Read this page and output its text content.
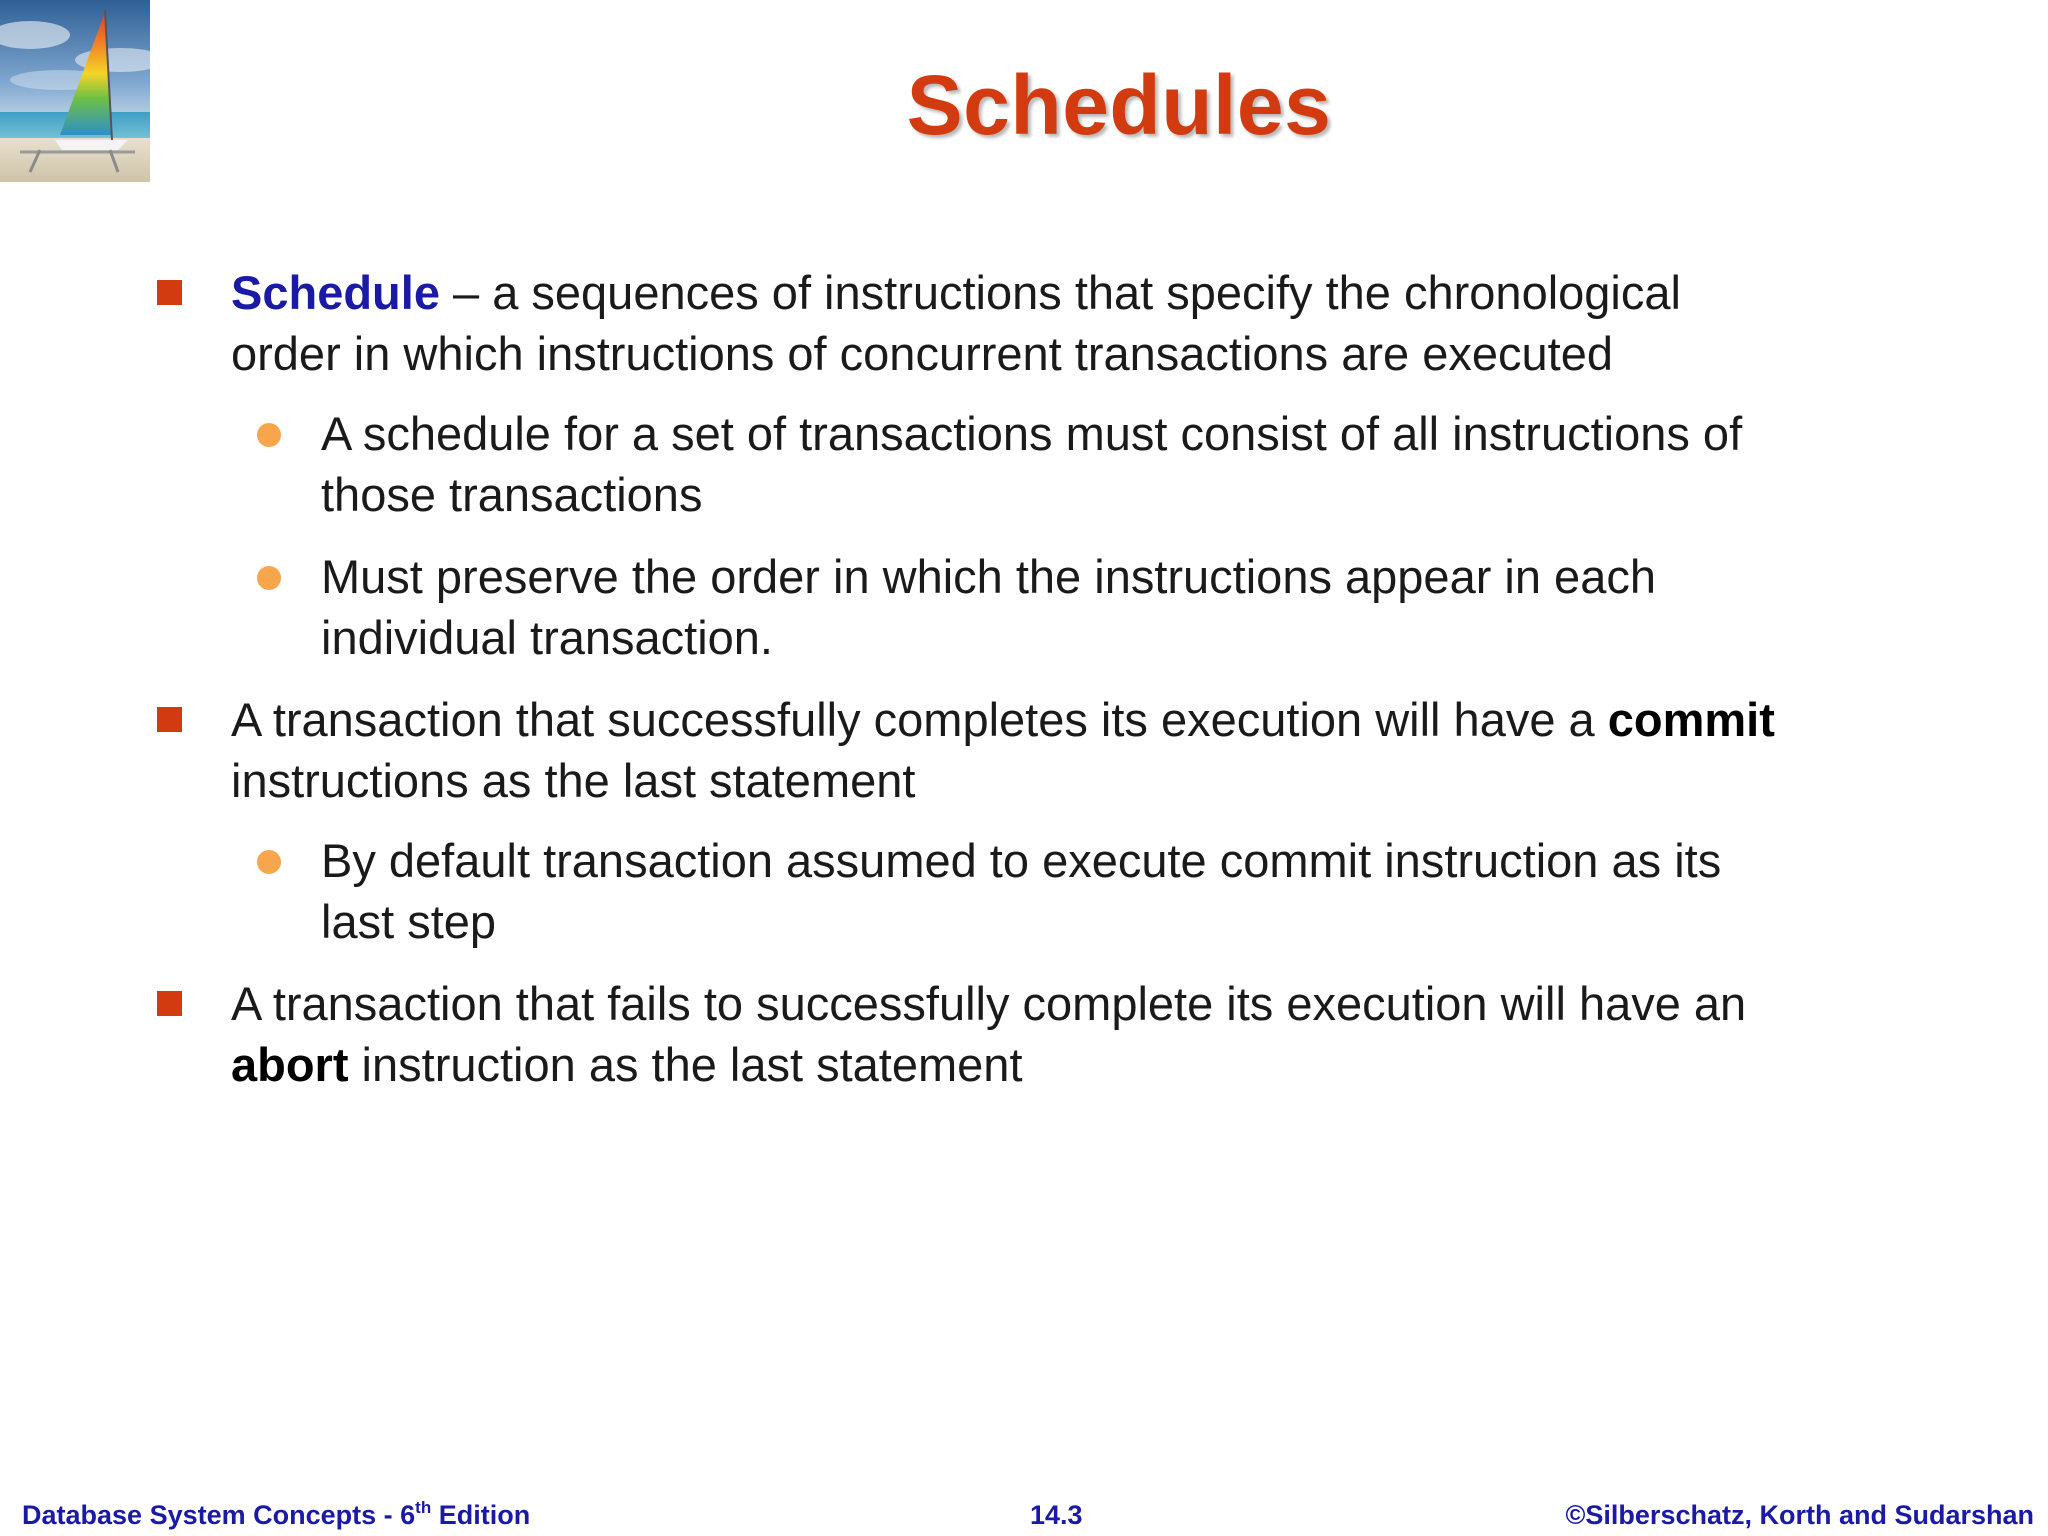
Schedules
Schedule – a sequences of instructions that specify the chronological order in which instructions of concurrent transactions are executed
A schedule for a set of transactions must consist of all instructions of those transactions
Must preserve the order in which the instructions appear in each individual transaction.
A transaction that successfully completes its execution will have a commit instructions as the last statement
By default transaction assumed to execute commit instruction as its last step
A transaction that fails to successfully complete its execution will have an abort instruction as the last statement
Database System Concepts - 6th Edition	14.3	©Silberschatz, Korth and Sudarshan
